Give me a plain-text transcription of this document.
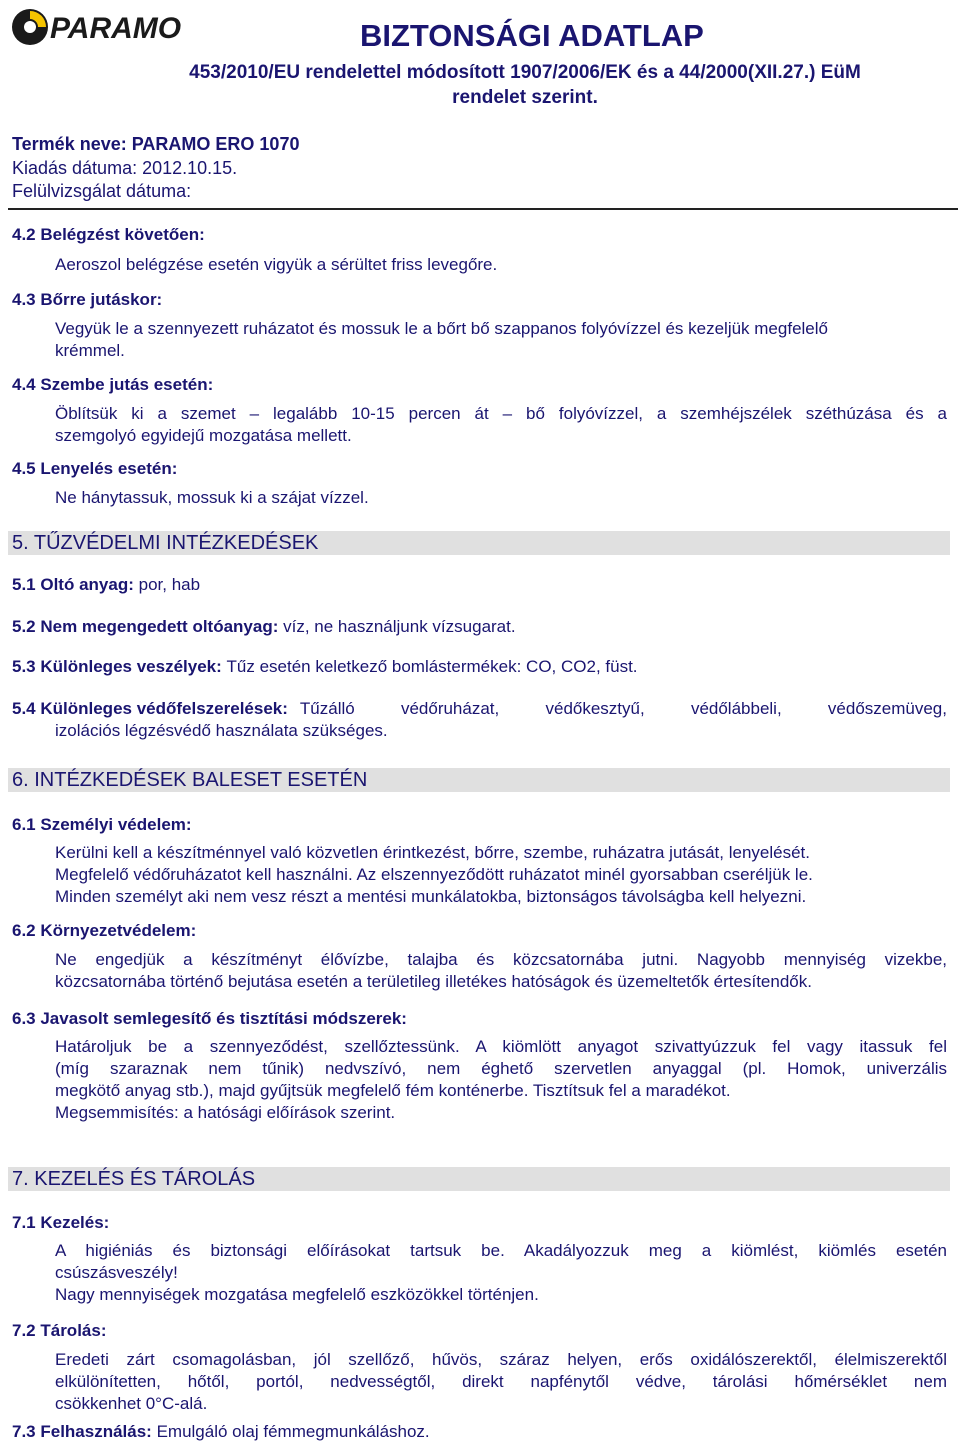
PARAMO	BIZTONSÁGI ADATLAP
453/2010/EU rendelettel módosított 1907/2006/EK és a 44/2000(XII.27.) EüM
rendelet szerint.
Termék neve: PARAMO ERO 1070
Kiadás dátuma: 2012.10.15.
Felülvizsgálat dátuma:
4.2 Belégzést követően:
Aeroszol belégzése esetén vigyük a sérültet friss levegőre.
4.3 Bőrre jutáskor:
Vegyük le a szennyezett ruházatot és mossuk le a bőrt bő szappanos folyóvízzel és kezeljük megfelelő
krémmel.
4.4 Szembe jutás esetén:
Öblítsük ki a szemet – legalább 10-15 percen át – bő folyóvízzel, a szemhéjszélek széthúzása és a
szemgolyó egyidejű mozgatása mellett.
4.5 Lenyelés esetén:
Ne hánytassuk, mossuk ki a szájat vízzel.
5. TŰZVÉDELMI INTÉZKEDÉSEK
5.1 Oltó anyag: por, hab
5.2 Nem megengedett oltóanyag: víz, ne használjunk vízsugarat.
5.3 Különleges veszélyek: Tűz esetén keletkező bomlástermékek: CO, CO2, füst.
5.4 Különleges védőfelszerelések: Tűzálló védőruházat, védőkesztyű, védőlábbeli, védőszemüveg,
izolációs légzésvédő használata szükséges.
6. INTÉZKEDÉSEK BALESET ESETÉN
6.1 Személyi védelem:
Kerülni kell a készítménnyel való közvetlen érintkezést, bőrre, szembe, ruházatra jutását, lenyelését.
Megfelelő védőruházatot kell használni. Az elszennyeződött ruházatot minél gyorsabban cseréljük le.
Minden személyt aki nem vesz részt a mentési munkálatokba, biztonságos távolságba kell helyezni.
6.2 Környezetvédelem:
Ne engedjük a készítményt élővízbe, talajba és közcsatornába jutni. Nagyobb mennyiség vizekbe,
közcsatornába történő bejutása esetén a területileg illetékes hatóságok és üzemeltetők értesítendők.
6.3 Javasolt semlegesítő és tisztítási módszerek:
Határoljuk be a szennyeződést, szellőztessünk. A kiömlött anyagot szivattyúzzuk fel vagy itassuk fel
(míg szaraznak nem tűnik) nedvszívó, nem éghető szervetlen anyaggal (pl. Homok, univerzális
megkötő anyag stb.), majd gyűjtsük megfelelő fém konténerbe. Tisztítsuk fel a maradékot.
Megsemmisítés: a hatósági előírások szerint.
7. KEZELÉS ÉS TÁROLÁS
7.1 Kezelés:
A higiéniás és biztonsági előírásokat tartsuk be. Akadályozzuk meg a kiömlést, kiömlés esetén
csúszásveszély!
Nagy mennyiségek mozgatása megfelelő eszközökkel történjen.
7.2 Tárolás:
Eredeti zárt csomagolásban, jól szellőző, hűvös, száraz helyen, erős oxidálószerektől, élelmiszerektől
elkülönítetten, hőtől, portól, nedvességtől, direkt napfénytől védve, tárolási hőmérséklet nem
csökkenhet 0°C-alá.
7.3 Felhasználás: Emulgáló olaj fémmegmunkáláshoz.
